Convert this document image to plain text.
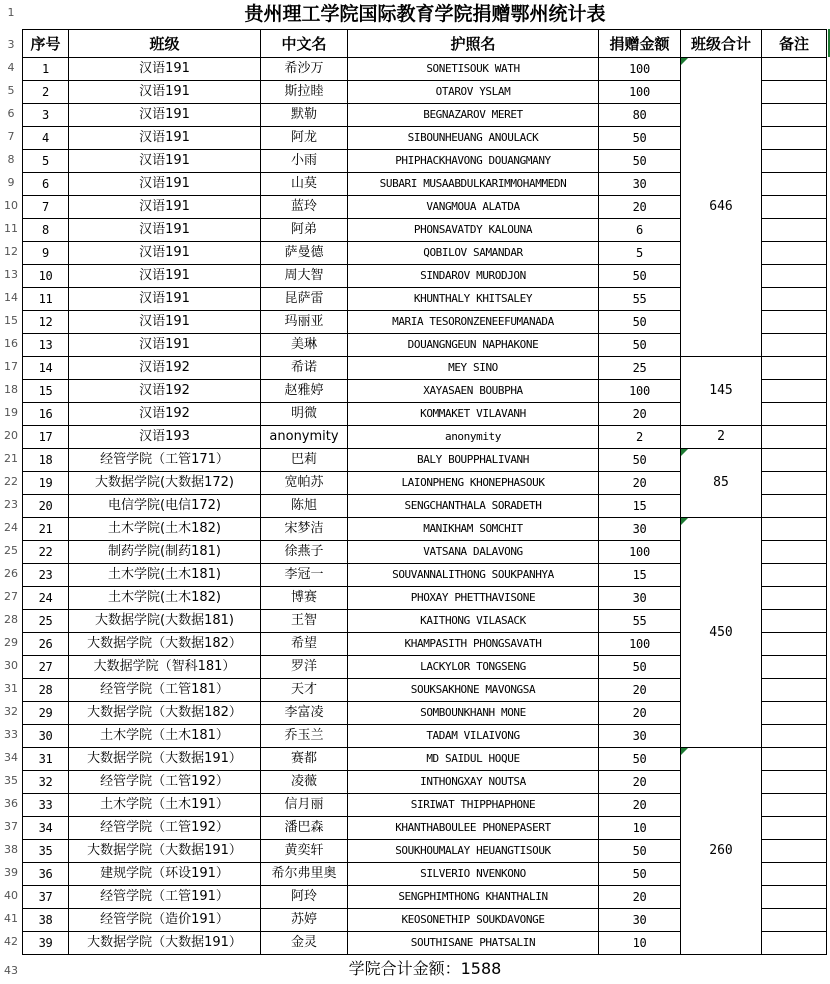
1
3
4
5
6
7
8
9
10
11
12
13
14
15
16
17
18
19
20
21
22
23
24
25
26
27
28
29
30
31
32
33
34
35
36
37
38
39
40
41
42
43
贵州理工学院国际教育学院捐赠鄂州统计表
序号	班级	中文名	护照名	捐赠金额	班级合计	备注
1	汉语191	希沙万	SONETISOUK WATH	100	646	
2	汉语191	斯拉睦	OTAROV YSLAM	100		
3	汉语191	默勒	BEGNAZAROV MERET	80		
4	汉语191	阿龙	SIBOUNHEUANG ANOULACK	50		
5	汉语191	小雨	PHIPHACKHAVONG DOUANGMANY	50		
6	汉语191	山莫	SUBARI MUSAABDULKARIMMOHAMMEDN	30		
7	汉语191	蓝玲	VANGMOUA ALATDA	20		
8	汉语191	阿弟	PHONSAVATDY KALOUNA	6		
9	汉语191	萨曼德	QOBILOV SAMANDAR	5		
10	汉语191	周大智	SINDAROV MURODJON	50		
11	汉语191	昆萨雷	KHUNTHALY KHITSALEY	55		
12	汉语191	玛丽亚	MARIA TESORONZENEEFUMANADA	50		
13	汉语191	美琳	DOUANGNGEUN NAPHAKONE	50		
14	汉语192	希诺	MEY SINO	25	145	
15	汉语192	赵雅婷	XAYASAEN BOUBPHA	100		
16	汉语192	明微	KOMMAKET VILAVANH	20		
17	汉语193	anonymity	anonymity	2	2	
18	经管学院（工管171）	巴莉	BALY BOUPPHALIVANH	50	85	
19	大数据学院(大数据172)	宽帕苏	LAIONPHENG KHONEPHASOUK	20		
20	电信学院(电信172)	陈旭	SENGCHANTHALA SORADETH	15		
21	土木学院(土木182)	宋梦洁	MANIKHAM SOMCHIT	30	450	
22	制药学院(制药181)	徐燕子	VATSANA DALAVONG	100		
23	土木学院(土木181)	李冠一	SOUVANNALITHONG SOUKPANHYA	15		
24	土木学院(土木182)	博赛	PHOXAY PHETTHAVISONE	30		
25	大数据学院(大数据181)	王智	KAITHONG VILASACK	55		
26	大数据学院（大数据182）	希望	KHAMPASITH PHONGSAVATH	100		
27	大数据学院（智科181）	罗洋	LACKYLOR TONGSENG	50		
28	经管学院（工管181）	天才	SOUKSAKHONE MAVONGSA	20		
29	大数据学院（大数据182）	李富凌	SOMBOUNKHANH MONE	20		
30	土木学院（土木181）	乔玉兰	TADAM VILAIVONG	30		
31	大数据学院（大数据191）	赛都	MD SAIDUL HOQUE	50	260	
32	经管学院（工管192）	凌薇	INTHONGXAY NOUTSA	20		
33	土木学院（土木191）	信月丽	SIRIWAT THIPPHAPHONE	20		
34	经管学院（工管192）	潘巴森	KHANTHABOULEE PHONEPASERT	10		
35	大数据学院（大数据191）	黄奕轩	SOUKHOUMALAY HEUANGTISOUK	50		
36	建规学院（环设191）	希尔弗里奥	SILVERIO NVENKONO	50		
37	经管学院（工管191）	阿玲	SENGPHIMTHONG KHANTHALIN	20		
38	经管学院（造价191）	苏婷	KEOSONETHIP SOUKDAVONGE	30		
39	大数据学院（大数据191）	金灵	SOUTHISANE PHATSALIN	10		
学院合计金额：1588
